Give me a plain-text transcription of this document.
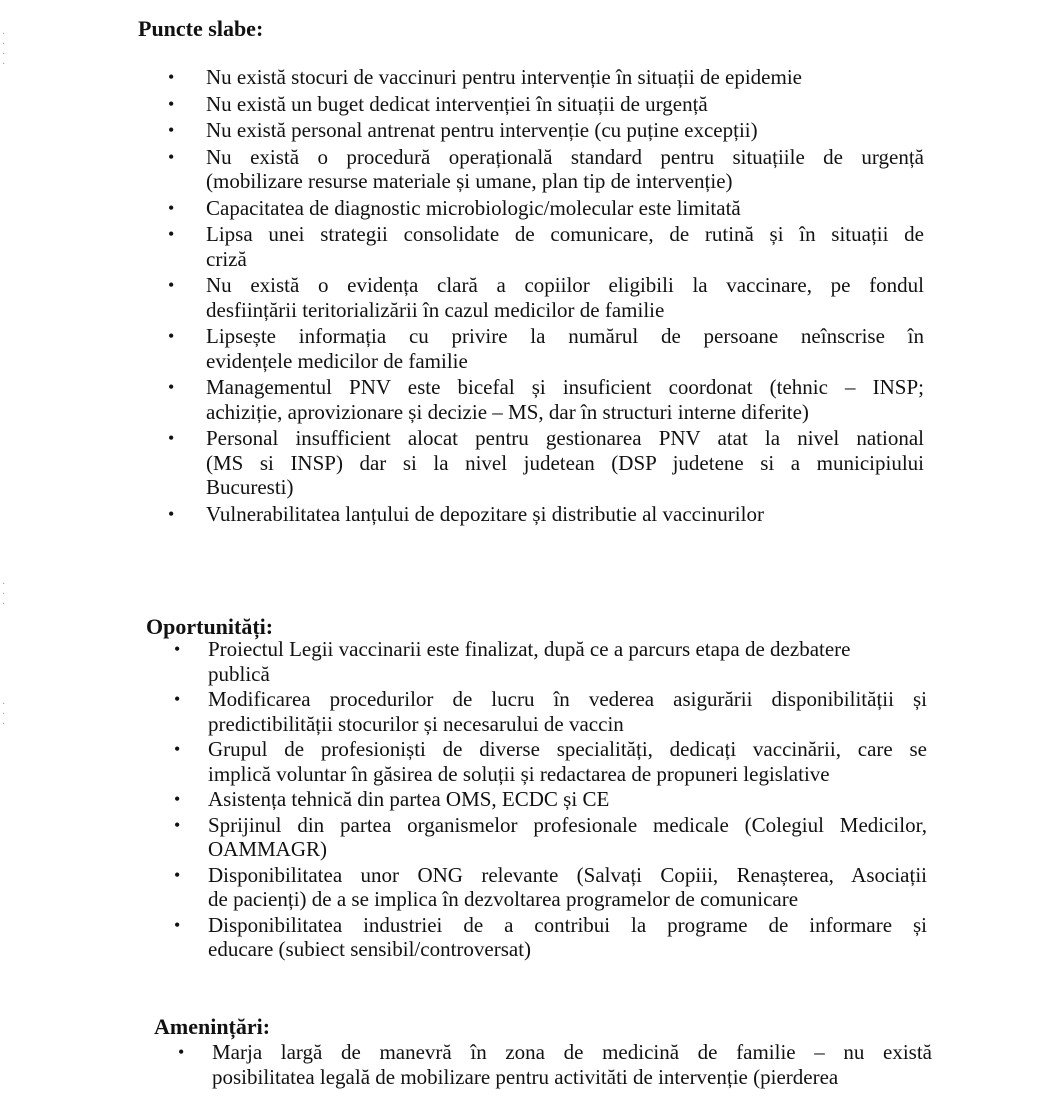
·
·
·
·
·
·
·
·
·
·
Puncte slabe:
• Nu există stocuri de vaccinuri pentru intervenție în situații de epidemie
• Nu există un buget dedicat intervenției în situații de urgență
• Nu există personal antrenat pentru intervenție (cu puține excepții)
• Nu există o procedură operațională standard pentru situațiile de urgență
(mobilizare resurse materiale și umane, plan tip de intervenție)
• Capacitatea de diagnostic microbiologic/molecular este limitată
• Lipsa unei strategii consolidate de comunicare, de rutină și în situații de
criză
• Nu există o evidența clară a copiilor eligibili la vaccinare, pe fondul
desființării teritorializării în cazul medicilor de familie
• Lipsește informația cu privire la numărul de persoane neînscrise în
evidențele medicilor de familie
• Managementul PNV este bicefal și insuficient coordonat (tehnic – INSP;
achiziție, aprovizionare și decizie – MS, dar în structuri interne diferite)
• Personal insufficient alocat pentru gestionarea PNV atat la nivel national
(MS si INSP) dar si la nivel judetean (DSP judetene si a municipiului
Bucuresti)
• Vulnerabilitatea lanțului de depozitare și distributie al vaccinurilor
Oportunități:
• Proiectul Legii vaccinarii este finalizat, după ce a parcurs etapa de dezbatere
publică
• Modificarea procedurilor de lucru în vederea asigurării disponibilității și
predictibilității stocurilor și necesarului de vaccin
• Grupul de profesioniști de diverse specialități, dedicați vaccinării, care se
implică voluntar în găsirea de soluții și redactarea de propuneri legislative
• Asistența tehnică din partea OMS, ECDC și CE
• Sprijinul din partea organismelor profesionale medicale (Colegiul Medicilor,
OAMMAGR)
• Disponibilitatea unor ONG relevante (Salvați Copiii, Renașterea, Asociații
de pacienți) de a se implica în dezvoltarea programelor de comunicare
• Disponibilitatea industriei de a contribui la programe de informare și
educare (subiect sensibil/controversat)
Amenințări:
• Marja largă de manevră în zona de medicină de familie – nu există
posibilitatea legală de mobilizare pentru activităti de intervenție (pierderea
